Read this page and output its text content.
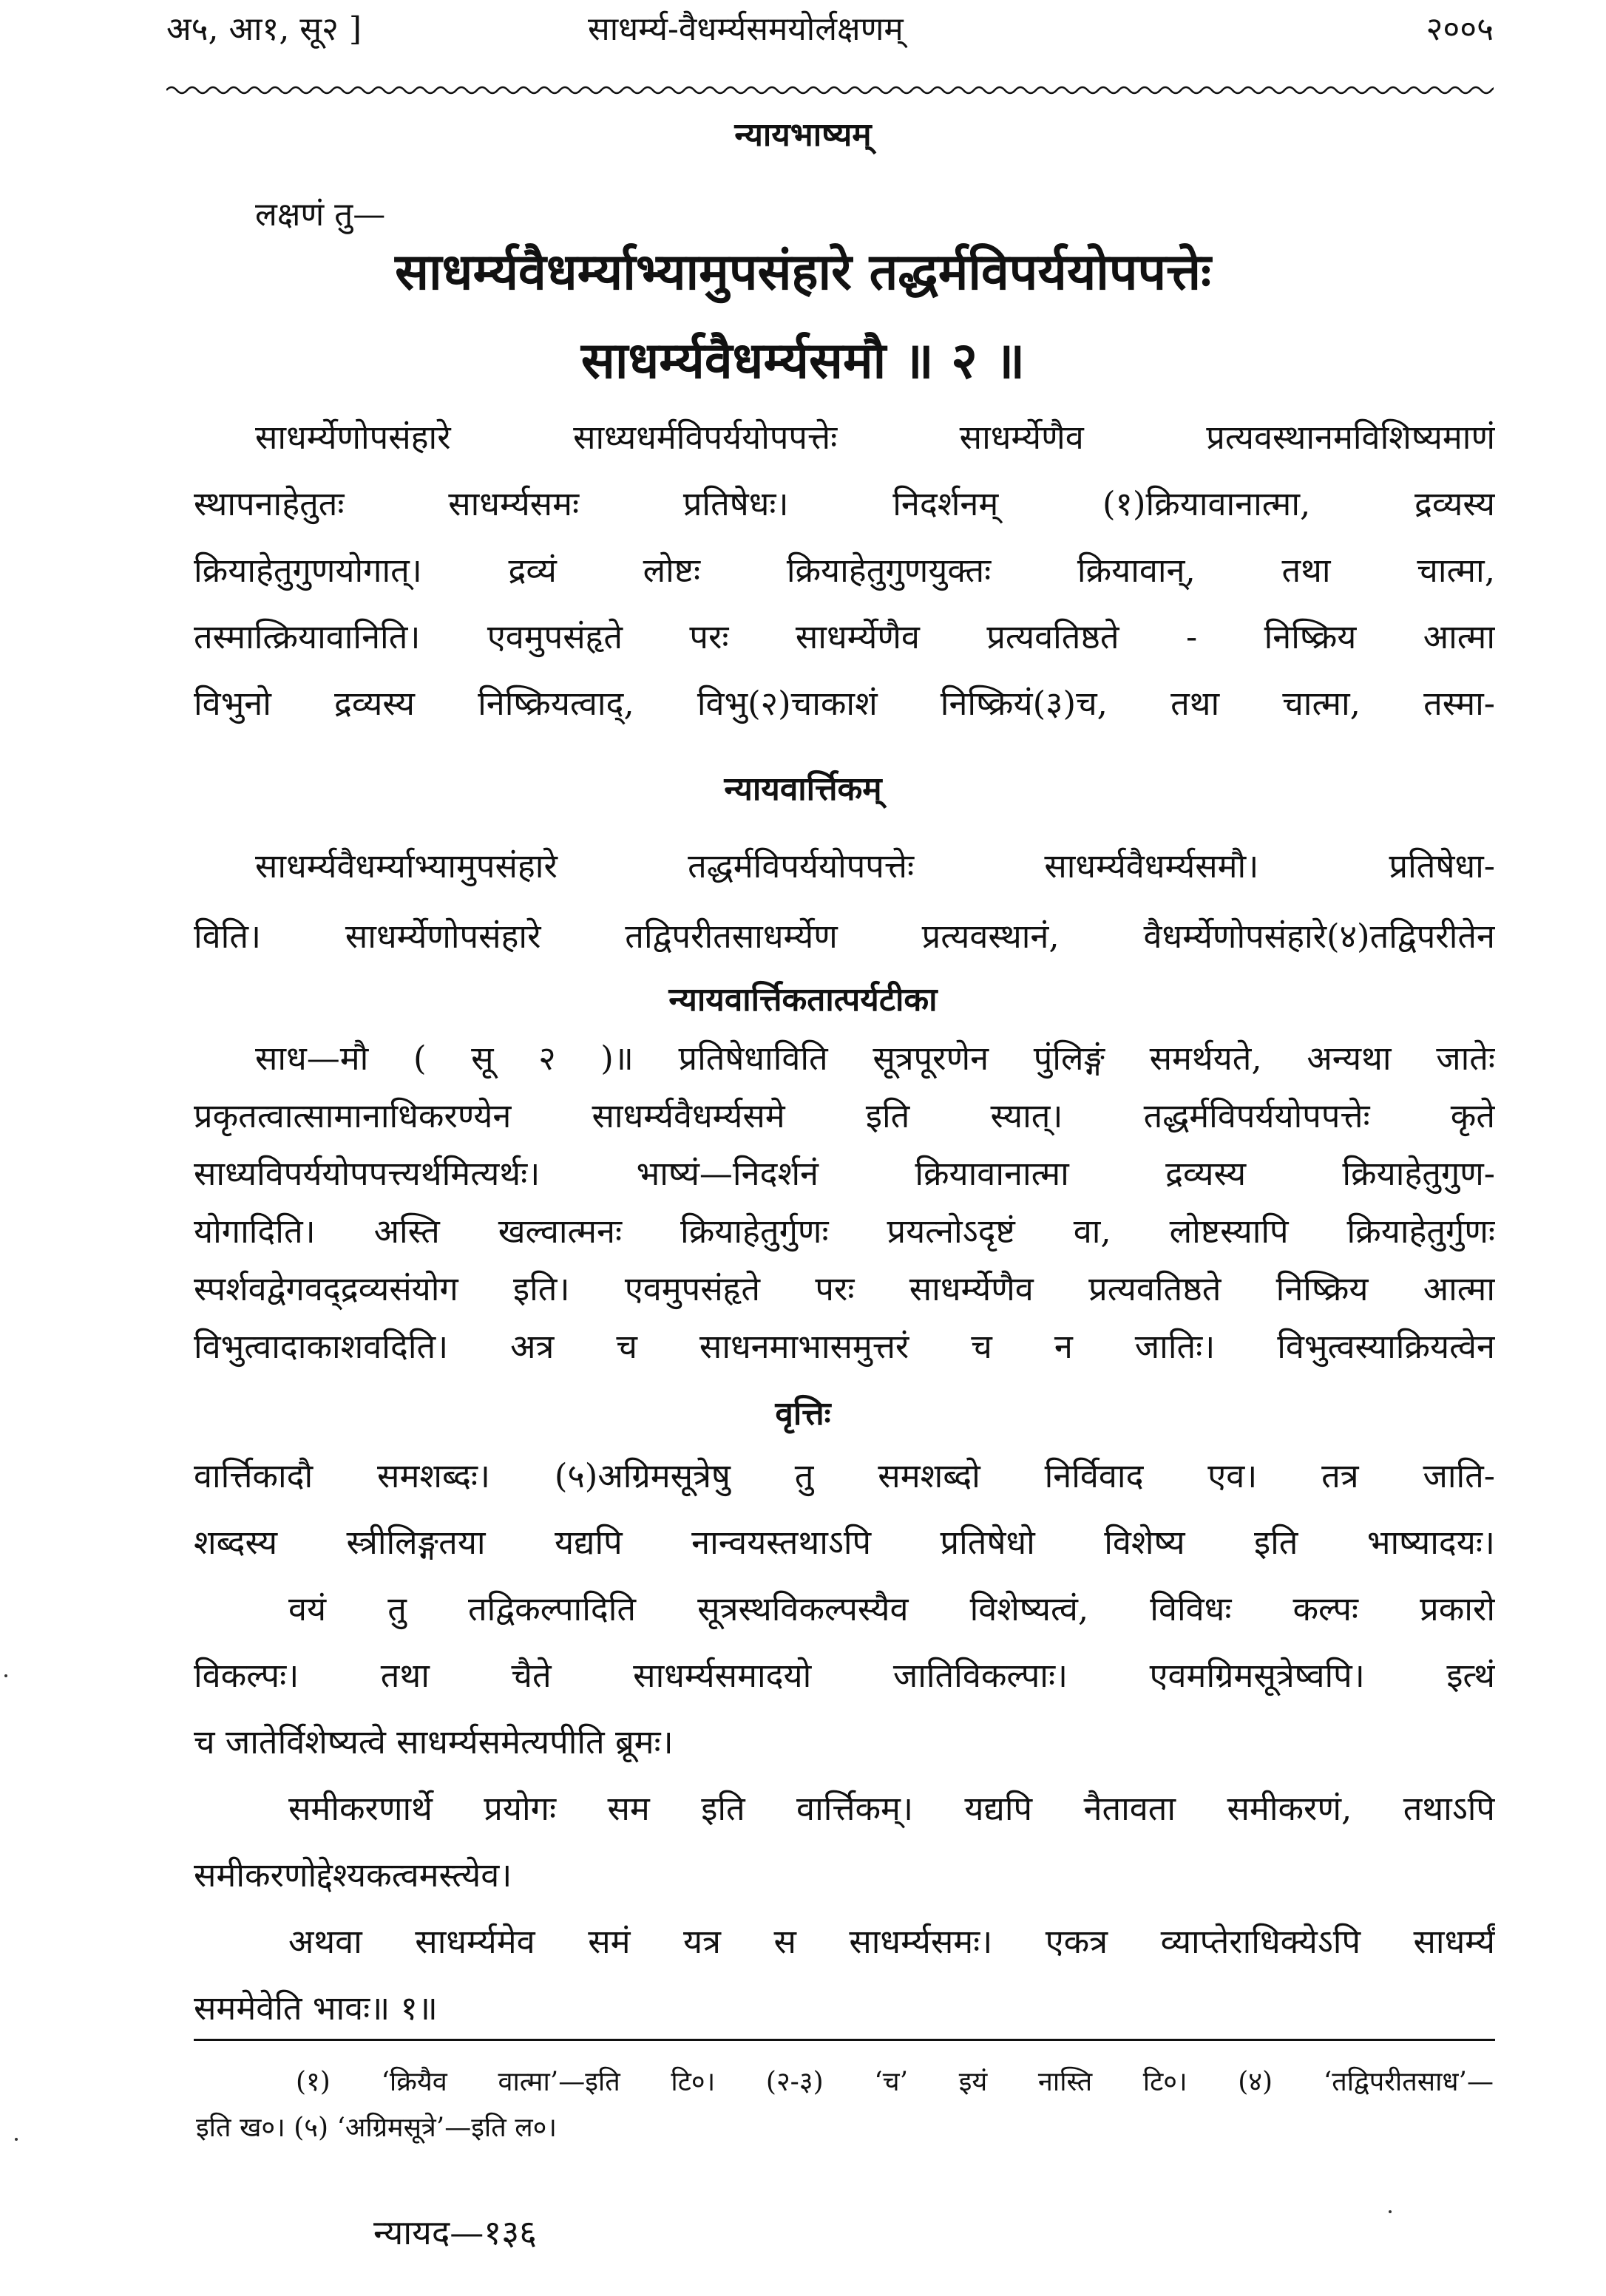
अ५, आ१, सू२ ]	साधर्म्य-वैधर्म्यसमयोर्लक्षणम्	२००५
न्यायभाष्यम्
लक्षणं तु—
साधर्म्यवैधर्म्याभ्यामुपसंहारे तद्धर्मविपर्ययोपपत्तेः
साधर्म्यवैधर्म्यसमौ ॥ २ ॥
साधर्म्येणोपसंहारे साध्यधर्मविपर्ययोपपत्तेः साधर्म्येणैव प्रत्यवस्थानमविशिष्यमाणं
स्थापनाहेतुतः साधर्म्यसमः प्रतिषेधः। निदर्शनम् (१)क्रियावानात्मा, द्रव्यस्य
क्रियाहेतुगुणयोगात्। द्रव्यं लोष्टः क्रियाहेतुगुणयुक्तः क्रियावान्, तथा चात्मा,
तस्मात्क्रियावानिति। एवमुपसंहृते परः साधर्म्येणैव प्रत्यवतिष्ठते - निष्क्रिय आत्मा
विभुनो द्रव्यस्य निष्क्रियत्वाद्, विभु(२)चाकाशं निष्क्रियं(३)च, तथा चात्मा, तस्मा-
न्यायवार्त्तिकम्
साधर्म्यवैधर्म्याभ्यामुपसंहारे तद्धर्मविपर्ययोपपत्तेः साधर्म्यवैधर्म्यसमौ। प्रतिषेधा-
विति। साधर्म्येणोपसंहारे तद्विपरीतसाधर्म्येण प्रत्यवस्थानं, वैधर्म्येणोपसंहारे(४)तद्विपरीतेन
न्यायवार्त्तिकतात्पर्यटीका
साध—मौ ( सू २ )॥ प्रतिषेधाविति सूत्रपूरणेन पुंलिङ्गं समर्थयते, अन्यथा जातेः
प्रकृतत्वात्सामानाधिकरण्येन साधर्म्यवैधर्म्यसमे इति स्यात्। तद्धर्मविपर्ययोपपत्तेः कृते
साध्यविपर्ययोपपत्त्यर्थमित्यर्थः। भाष्यं—निदर्शनं क्रियावानात्मा द्रव्यस्य क्रियाहेतुगुण-
योगादिति। अस्ति खल्वात्मनः क्रियाहेतुर्गुणः प्रयत्नोऽदृष्टं वा, लोष्टस्यापि क्रियाहेतुर्गुणः
स्पर्शवद्वेगवद्द्रव्यसंयोग इति। एवमुपसंहृते परः साधर्म्येणैव प्रत्यवतिष्ठते निष्क्रिय आत्मा
विभुत्वादाकाशवदिति। अत्र च साधनमाभासमुत्तरं च न जातिः। विभुत्वस्याक्रियत्वेन
वृत्तिः
वार्त्तिकादौ समशब्दः। (५)अग्रिमसूत्रेषु तु समशब्दो निर्विवाद एव। तत्र जाति-
शब्दस्य स्त्रीलिङ्गतया यद्यपि नान्वयस्तथाऽपि प्रतिषेधो विशेष्य इति भाष्यादयः।
वयं तु तद्विकल्पादिति सूत्रस्थविकल्पस्यैव विशेष्यत्वं, विविधः कल्पः प्रकारो
विकल्पः। तथा चैते साधर्म्यसमादयो जातिविकल्पाः। एवमग्रिमसूत्रेष्वपि। इत्थं
च जातेर्विशेष्यत्वे साधर्म्यसमेत्यपीति ब्रूमः।
समीकरणार्थे प्रयोगः सम इति वार्त्तिकम्। यद्यपि नैतावता समीकरणं, तथाऽपि
समीकरणोद्देश्यकत्वमस्त्येव।
अथवा साधर्म्यमेव समं यत्र स साधर्म्यसमः। एकत्र व्याप्तेराधिक्येऽपि साधर्म्यं
सममेवेति भावः॥ १॥
(१) ‘क्रियैव वात्मा’—इति टि०। (२-३) ‘च’ इयं नास्ति टि०। (४) ‘तद्विपरीतसाध’—
इति ख०। (५) ‘अग्रिमसूत्रे’—इति ल०।
न्यायद—१३६
